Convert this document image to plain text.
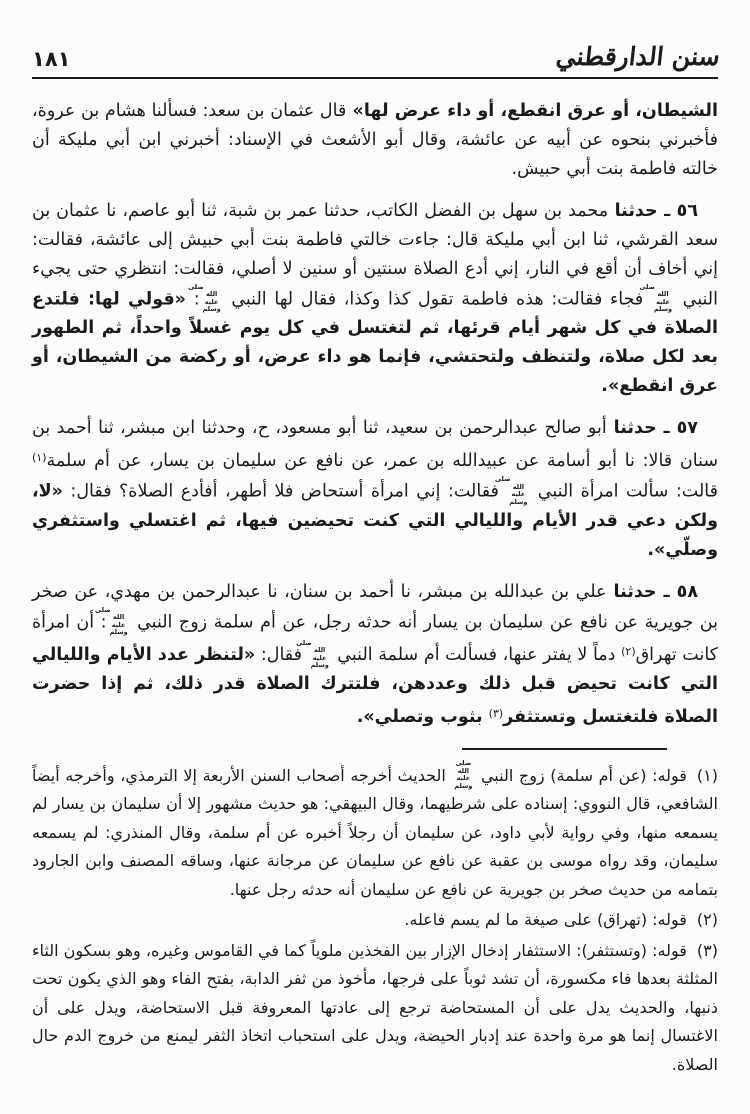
سنن الدارقطني
١٨١

الشيطان، أو عرق انقطع، أو داء عرض لها» قال عثمان بن سعد: فسألنا هشام بن عروة، فأخبرني بنحوه عن أبيه عن عائشة، وقال أبو الأشعث في الإسناد: أخبرني ابن أبي مليكة أن خالته فاطمة بنت أبي حبيش.

٥٦ ـ حدثنا محمد بن سهل بن الفضل الكاتب، حدثنا عمر بن شبة، ثنا أبو عاصم، نا عثمان بن سعد القرشي، ثنا ابن أبي مليكة قال: جاءت خالتي فاطمة بنت أبي حبيش إلى عائشة، فقالت: إني أخاف أن أقع في النار، إني أدع الصلاة سنتين أو سنين لا أصلي، فقالت: انتظري حتى يجيء النبي صلى الله عليه وسلم فجاء فقالت: هذه فاطمة تقول كذا وكذا، فقال لها النبي صلى الله عليه وسلم: «قولي لها: فلتدع الصلاة في كل شهر أيام قرئها، ثم لتغتسل في كل يوم غسلاً واحداً، ثم الطهور بعد لكل صلاة، ولتنظف ولتحتشي، فإنما هو داء عرض، أو ركضة من الشيطان، أو عرق انقطع».

٥٧ ـ حدثنا أبو صالح عبدالرحمن بن سعيد، ثنا أبو مسعود، ح، وحدثنا ابن مبشر، ثنا أحمد بن سنان قالا: نا أبو أسامة عن عبيدالله بن عمر، عن نافع عن سليمان بن يسار، عن أم سلمة$^{(١)}$ قالت: سألت امرأة النبي صلى الله عليه وسلم فقالت: إني امرأة أستحاض فلا أطهر، أفأدع الصلاة؟ فقال: «لا، ولكن دعي قدر الأيام والليالي التي كنت تحيضين فيها، ثم اغتسلي واستثفري وصلّي».

٥٨ ـ حدثنا علي بن عبدالله بن مبشر، نا أحمد بن سنان، نا عبدالرحمن بن مهدي، عن صخر بن جويرية عن نافع عن سليمان بن يسار أنه حدثه رجل، عن أم سلمة زوج النبي صلى الله عليه وسلم: أن امرأة كانت تهراق$^{(٢)}$ دماً لا يفتر عنها، فسألت أم سلمة النبي صلى الله عليه وسلم فقال: «لتنظر عدد الأيام والليالي التي كانت تحيض قبل ذلك وعددهن، فلتترك الصلاة قدر ذلك، ثم إذا حضرت الصلاة فلتغتسل وتستثفر$^{(٣)}$ بثوب وتصلي».

(١)قوله: (عن أم سلمة) زوج النبي صلى الله عليه وسلم الحديث أخرجه أصحاب السنن الأربعة إلا الترمذي، وأخرجه أيضاً الشافعي، قال النووي: إسناده على شرطيهما، وقال البيهقي: هو حديث مشهور إلا أن سليمان بن يسار لم يسمعه منها، وفي رواية لأبي داود، عن سليمان أن رجلاً أخبره عن أم سلمة، وقال المنذري: لم يسمعه سليمان، وقد رواه موسى بن عقبة عن نافع عن سليمان عن مرجانة عنها، وساقه المصنف وابن الجارود بتمامه من حديث صخر بن جويرية عن نافع عن سليمان أنه حدثه رجل عنها.

(٢)قوله: (تهراق) على صيغة ما لم يسم فاعله.

(٣)قوله: (وتستثفر): الاستثفار إدخال الإزار بين الفخذين ملوياً كما في القاموس وغيره، وهو بسكون الثاء المثلثة بعدها فاء مكسورة، أن تشد ثوباً على فرجها، مأخوذ من ثفر الدابة، بفتح الفاء وهو الذي يكون تحت ذنبها، والحديث يدل على أن المستحاضة ترجع إلى عادتها المعروفة قبل الاستحاضة، ويدل على أن الاغتسال إنما هو مرة واحدة عند إدبار الحيضة، ويدل على استحباب اتخاذ الثفر ليمنع من خروج الدم حال الصلاة.
